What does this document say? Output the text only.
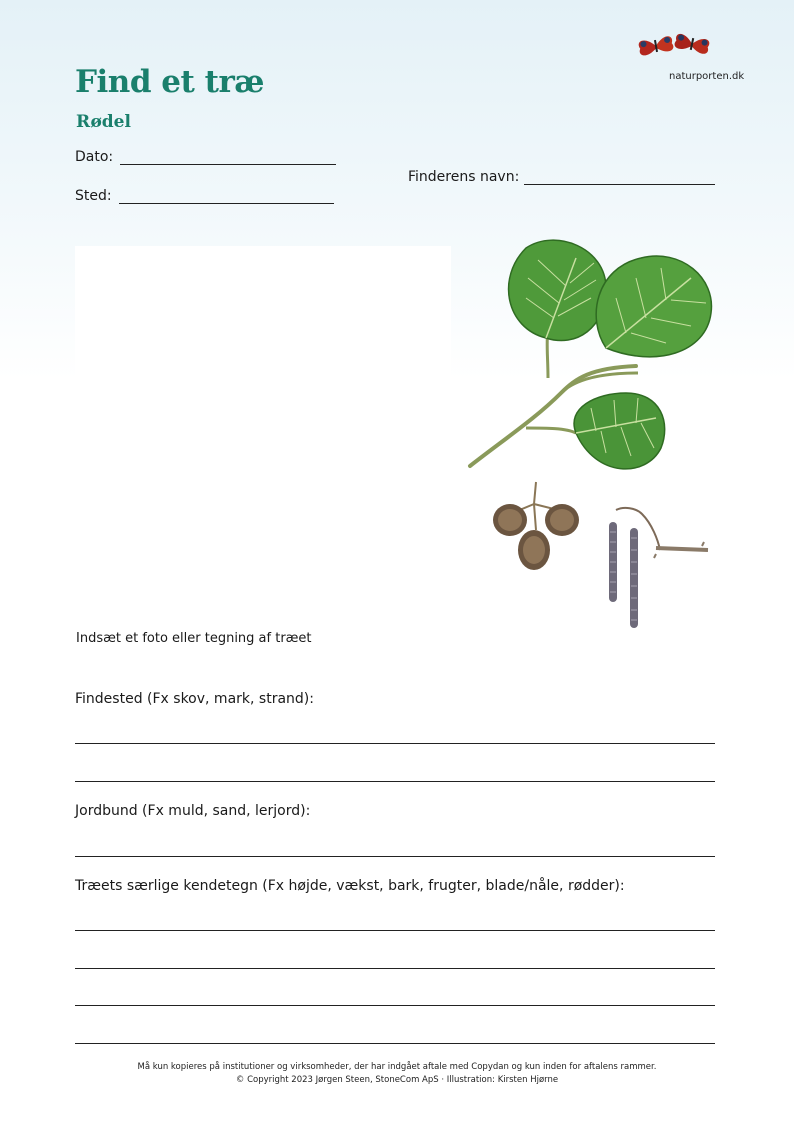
Find et træ
Rødel
naturporten.dk
Dato:
Sted:
Finderens navn:
Indsæt et foto eller tegning af træet
Findested (Fx skov, mark, strand):
Jordbund (Fx muld, sand, lerjord):
Træets særlige kendetegn (Fx højde, vækst, bark, frugter, blade/nåle, rødder):
Må kun kopieres på institutioner og virksomheder, der har indgået aftale med Copydan og kun inden for aftalens rammer.
© Copyright 2023 Jørgen Steen, StoneCom ApS · Illustration: Kirsten Hjørne
